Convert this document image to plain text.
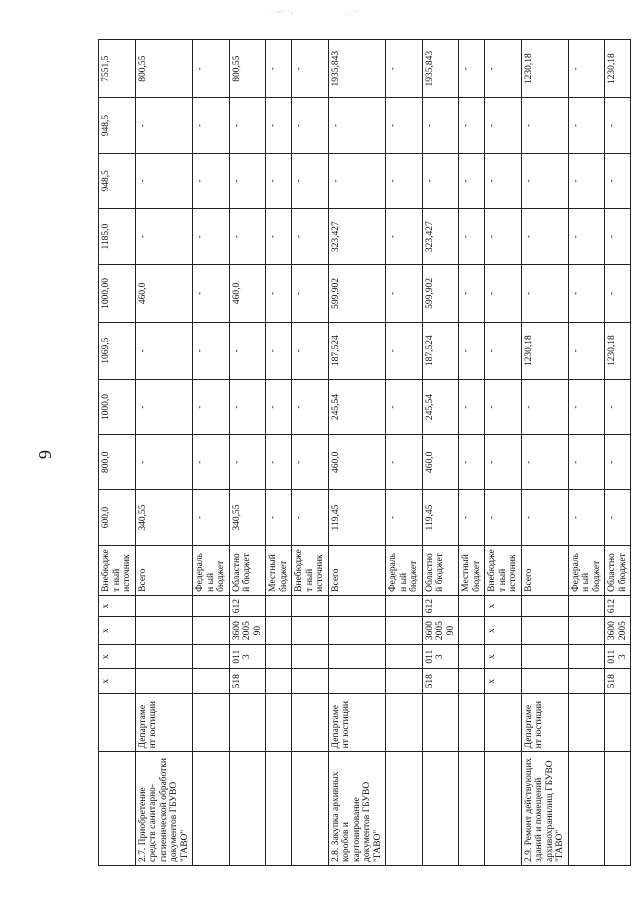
ˊ˙ʹʺ˝ʾʿ˞	ˑ˖˗ ˘˙
6
		х	х	х	х	Внебюджет ный источник	600,0	800,0	1000,0	1069,5	1000,00	1185,0	948,5	948,5	7551,5
2.7. Приобретение средств санитарно-гигиенической обработки документов ГБУВО "ГАВО"	Департаме нт юстиции					Всего	340,55	-	-	-	460,0	-	-	-	800,55
						Федеральн ый бюджет	-	-	-	-	-	-	-	-	-
		518	0113	3600 2005 90	612	Областной бюджет	340,55	-	-	-	460,0	-	-	-	800,55
						Местный бюджет	-	-	-	-	-	-	-	-	-
						Внебюджет ный источник	-	-	-	-	-	-	-	-	-
2.8. Закупка архивных коробов и картонирование документов ГБУВО "ГАВО"	Департаме нт юстиции					Всего	119,45	460,0	245,54	187,524	599,902	323,427	-	-	1935,843
						Федеральн ый бюджет	-	-	-	-	-	-	-	-	-
		518	0113	3600 2005 90	612	Областной бюджет	119,45	460,0	245,54	187,524	599,902	323,427	-	-	1935,843
						Местный бюджет	-	-	-	-	-	-	-	-	-
		х	х	х	х	Внебюджет ный источник	-	-	-	-	-	-	-	-	-
2.9. Ремонт действующих зданий и помещений архивохранилищ ГБУВО "ГАВО"	Департаме нт юстиции					Всего	-	-	-	1230,18	-	-	-	-	1230,18
						Федеральн ый бюджет	-	-	-	-	-	-	-	-	-
		518	0113	3600 2005	612	Областной бюджет	-	-	-	1230,18	-	-	-	-	1230,18
